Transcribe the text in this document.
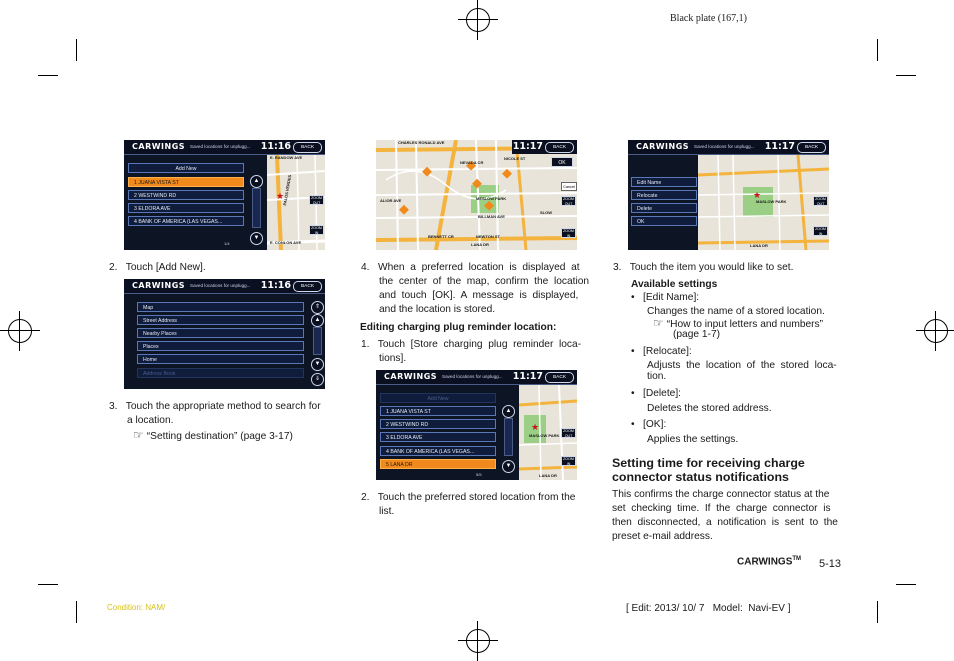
Black plate (167,1)
CARWINGS Saved locations for unplugg... 11:16	BACK
Add New
1 JUANA VISTA ST
2 WESTWIND RD
3 ELDORA AVE
4 BANK OF AMERICA (LAS VEGAS...
1/4
▲
▼
E. RANDOW AVE
E. CONLON AVE
PALOS VERDES
★	ZOOM OUT
ZOOM IN
2.   Touch [Add New].
CARWINGS Saved locations for unplugg... 11:16	BACK
Map
Street Address
Nearby Places
Places
Home
Address Book
⇑
▲
▼
⇓
3.   Touch the appropriate method to search for
a location.
☞ “Setting destination” (page 3-17)
CHARLES RONALD AVE
NICOLE ST
NEVADA CR
ALIOR AVE	MESLOW PARK
BILLMAN AVE
BENNETT CR	NEWTON ST
LANA DR
11:17	BACK
OK
Cancel
SLOW
ZOOM OUT
ZOOM IN
4.   When  a  preferred  location  is  displayed  at
the  center  of  the  map,  confirm  the  location
and  touch  [OK].  A  message  is  displayed,
and the location is stored.
Editing charging plug reminder location:
1.   Touch  [Store  charging  plug  reminder  loca-
tions].
CARWINGS Saved locations for unplugg... 11:17	BACK
Add New
1 JUANA VISTA ST
2 WESTWIND RD
3 ELDORA AVE
4 BANK OF AMERICA (LAS VEGAS...
5 LANA DR
5/5
▲
▼
★
MASLOW PARK
LANA DR
ZOOM OUT
ZOOM IN
2.   Touch the preferred stored location from the
list.
CARWINGS Saved locations for unplugg... 11:17	BACK
Edit Name
Relocate
Delete
OK
★
MASLOW PARK
LANA DR
ZOOM OUT
ZOOM IN
3.   Touch the item you would like to set.
Available settings
•   [Edit Name]:
Changes the name of a stored location.
☞ “How to input letters and numbers”
(page 1-7)
•   [Relocate]:
Adjusts  the  location  of  the  stored  loca-
tion.
•   [Delete]:
Deletes the stored address.
•   [OK]:
Applies the settings.
Setting time for receiving charge
connector status notifications
This confirms the charge connector status at the
set  checking  time.  If  the  charge  connector  is
then  disconnected,  a  notification  is  sent  to  the
preset e-mail address.
CARWINGS™ 5-13
Condition: NAM/	[ Edit: 2013/ 10/ 7   Model:  Navi-EV ]
